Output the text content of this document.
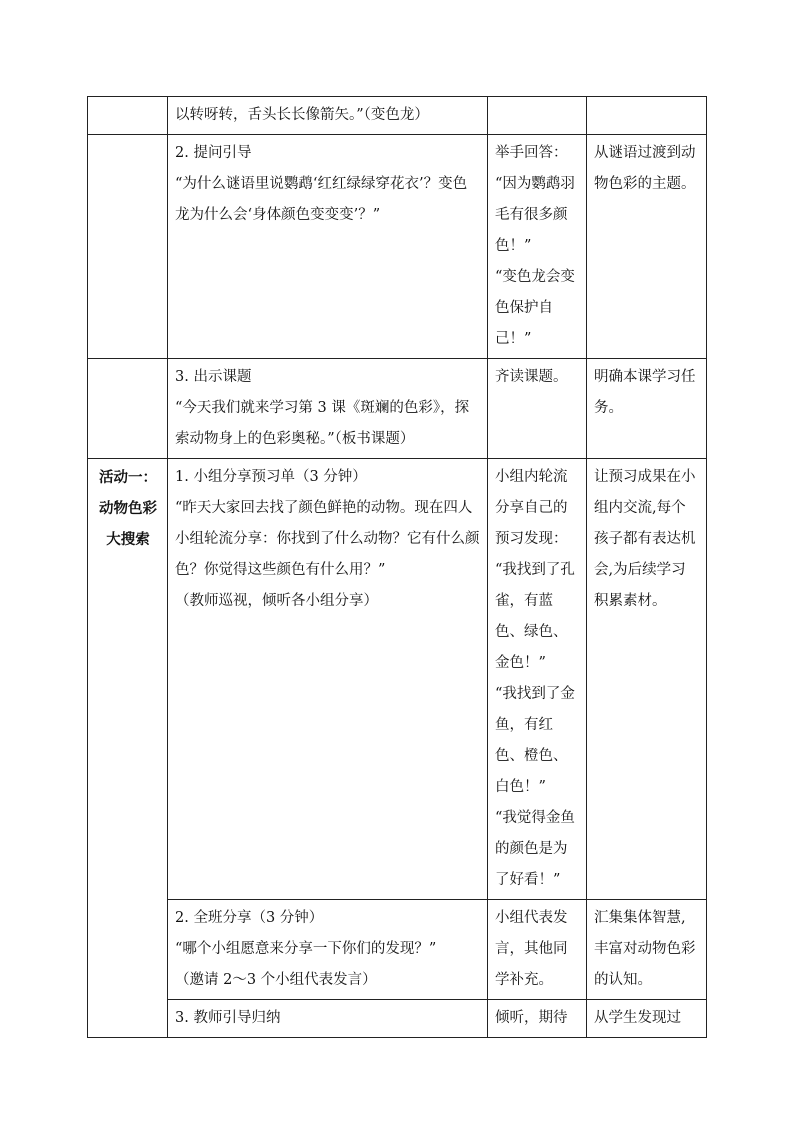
	以转呀转，舌头长长像箭矢。”（变色龙）		

	2. 提问引导
“为什么谜语里说鹦鹉‘红红绿绿穿花衣’？变色龙为什么会‘身体颜色变变变’？”	举手回答：
“因为鹦鹉羽毛有很多颜色！”
“变色龙会变色保护自己！”	从谜语过渡到动物色彩的主题。

	3. 出示课题
“今天我们就来学习第 3 课《斑斓的色彩》，探索动物身上的色彩奥秘。”（板书课题）	齐读课题。	明确本课学习任务。

活动一：
动物色彩
大搜索	1. 小组分享预习单（3 分钟）
“昨天大家回去找了颜色鲜艳的动物。现在四人小组轮流分享：你找到了什么动物？它有什么颜色？你觉得这些颜色有什么用？”
（教师巡视，倾听各小组分享）	小组内轮流分享自己的预习发现：
“我找到了孔雀，有蓝色、绿色、金色！”
“我找到了金鱼，有红色、橙色、白色！”
“我觉得金鱼的颜色是为了好看！”	让预习成果在小组内交流,每个孩子都有表达机会,为后续学习积累素材。

	2. 全班分享（3 分钟）
“哪个小组愿意来分享一下你们的发现？”
（邀请 2～3 个小组代表发言）	小组代表发言，其他同学补充。	汇集集体智慧,丰富对动物色彩的认知。

	3. 教师引导归纳	倾听，期待	从学生发现过
